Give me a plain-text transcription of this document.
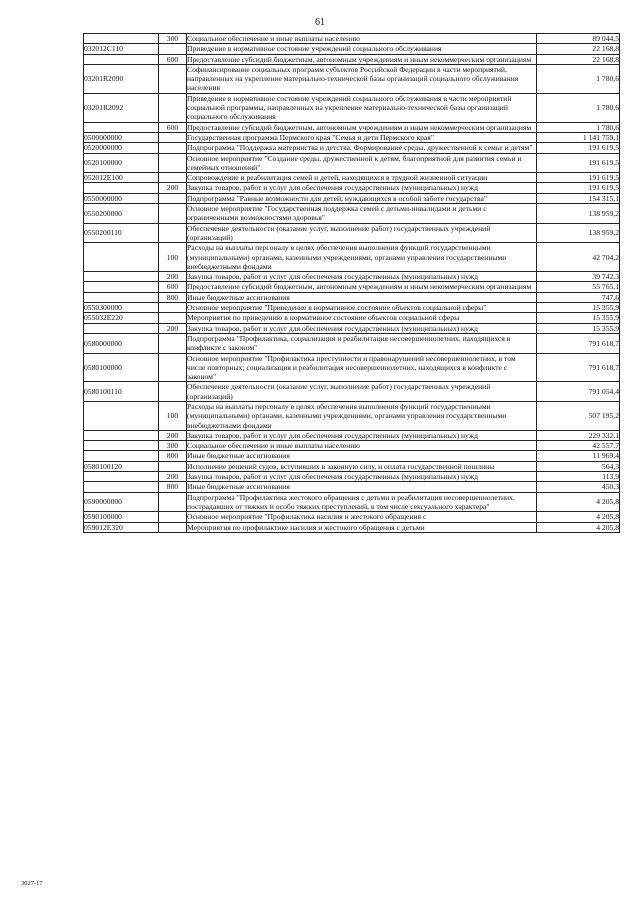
61
	300	Социальное обеспечение и иные выплаты населению	89 044,5
032012С110		Приведение в нормативное состояние учреждений социального обслуживания	22 168,8
	600	Предоставление субсидий бюджетным, автономным учреждениям и иным некоммерческим организациям	22 168,8
03201R2090		Софинансирование социальных программ субъектов Российской Федерации в части мероприятий, направленных на укрепление материально-технической базы организаций социального обслуживания населения	1 780,6
03201R2092		Приведение в нормативное состояние учреждений социального обслуживания в части мероприятий социальной программы, направленных на укрепление материально-технической базы организаций социального обслуживания	1 780,6
	600	Предоставление субсидий бюджетным, автономным учреждениям и иным некоммерческим организациям	1 780,6
0500000000		Государственная программа Пермского края "Семья и дети Пермского края"	1 141 759,1
0520000000		Подпрограмма "Поддержка материнства и детства. Формирование среды, дружественной к семье и детям"	191 619,5
0520100000		Основное мероприятие "Создание среды, дружественной к детям, благоприятной для развития семьи и семейных отношений"	191 619,5
052012Е100		Сопровождение и реабилитация семей и детей, находящихся в трудной жизненной ситуации	191 619,5
	200	Закупка товаров, работ и услуг для обеспечения государственных (муниципальных) нужд	191 619,5
0550000000		Подпрограмма "Равные возможности для детей, нуждающихся в особой заботе государства"	154 315,1
0550200000		Основное мероприятие "Государственная поддержка семей с детьми-инвалидами и детьми с ограниченными возможностями здоровья"	138 959,2
0550200110		Обеспечение деятельности (оказание услуг, выполнение работ) государственных учреждений (организаций)	138 959,2
	100	Расходы на выплаты персоналу в целях обеспечения выполнения функций государственными (муниципальными) органами, казенными учреждениями, органами управления государственными внебюджетными фондами	42 704,2
	200	Закупка товаров, работ и услуг для обеспечения государственных (муниципальных) нужд	39 742,3
	600	Предоставление субсидий бюджетным, автономным учреждениям и иным некоммерческим организациям	55 765,1
	800	Иные бюджетные ассигнования	747,6
0550300000		Основное мероприятие "Приведение в нормативное состояние объектов социальной сферы"	15 355,9
055032Е220		Мероприятия по приведению в нормативное состояние объектов социальной сферы	15 355,9
	200	Закупка товаров, работ и услуг для обеспечения государственных (муниципальных) нужд	15 355,9
0580000000		Подпрограмма "Профилактика, социализация и реабилитация несовершеннолетних, находящихся в конфликте с законом"	791 618,7
0580100000		Основное мероприятие "Профилактика преступности и правонарушений несовершеннолетних, в том числе повторных; социализация и реабилитация несовершеннолетних, находящихся в конфликте с законом"	791 618,7
0580100110		Обеспечение деятельности (оказание услуг, выполнение работ) государственных учреждений (организаций)	791 054,4
	100	Расходы на выплаты персоналу в целях обеспечения выполнения функций государственными (муниципальными) органами, казенными учреждениями, органами управления государственными внебюджетными фондами	507 195,2
	200	Закупка товаров, работ и услуг для обеспечения государственных (муниципальных) нужд	229 332,1
	300	Социальное обеспечение и иные выплаты населению	42 557,7
	800	Иные бюджетные ассигнования	11 969,4
0580100120		Исполнение решений судов, вступивших в законную силу, и оплата государственной пошлины	564,3
	200	Закупка товаров, работ и услуг для обеспечения государственных (муниципальных) нужд	113,9
	800	Иные бюджетные ассигнования	450,3
0590000000		Подпрограмма "Профилактика жестокого обращения с детьми и реабилитация несовершеннолетних, пострадавших от тяжких и особо тяжких преступлений, в том числе сексуального характера"	4 205,8
0590100000		Основное мероприятие "Профилактика насилия и жестокого обращения с	4 205,8
059012Е320		Мероприятия по профилактике насилия и жестокого обращения с детьми	4 205,8
3027-17
